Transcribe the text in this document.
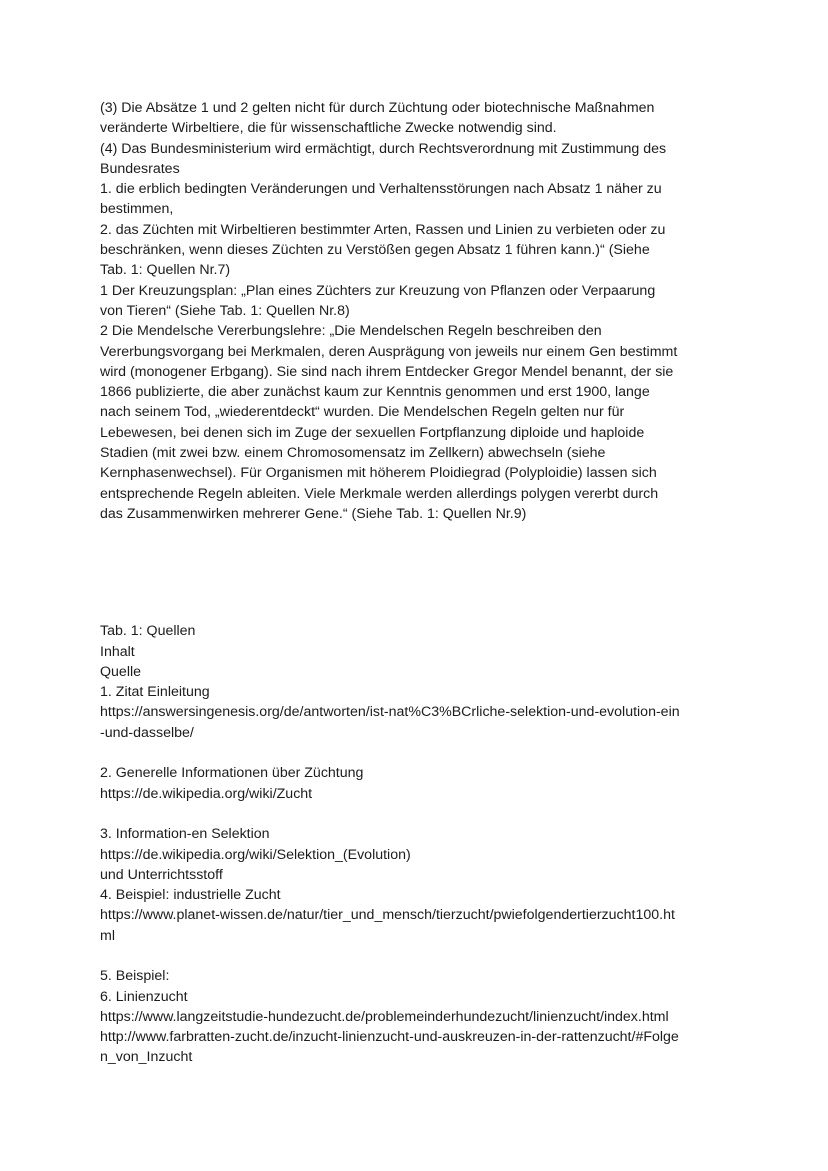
(3) Die Absätze 1 und 2 gelten nicht für durch Züchtung oder biotechnische Maßnahmen
veränderte Wirbeltiere, die für wissenschaftliche Zwecke notwendig sind.
(4) Das Bundesministerium wird ermächtigt, durch Rechtsverordnung mit Zustimmung des
Bundesrates
1. die erblich bedingten Veränderungen und Verhaltensstörungen nach Absatz 1 näher zu
bestimmen,
2. das Züchten mit Wirbeltieren bestimmter Arten, Rassen und Linien zu verbieten oder zu
beschränken, wenn dieses Züchten zu Verstößen gegen Absatz 1 führen kann.)“ (Siehe
Tab. 1: Quellen Nr.7)
1 Der Kreuzungsplan: „Plan eines Züchters zur Kreuzung von Pflanzen oder Verpaarung
von Tieren“ (Siehe Tab. 1: Quellen Nr.8)
2 Die Mendelsche Vererbungslehre: „Die Mendelschen Regeln beschreiben den
Vererbungsvorgang bei Merkmalen, deren Ausprägung von jeweils nur einem Gen bestimmt
wird (monogener Erbgang). Sie sind nach ihrem Entdecker Gregor Mendel benannt, der sie
1866 publizierte, die aber zunächst kaum zur Kenntnis genommen und erst 1900, lange
nach seinem Tod, „wiederentdeckt“ wurden. Die Mendelschen Regeln gelten nur für
Lebewesen, bei denen sich im Zuge der sexuellen Fortpflanzung diploide und haploide
Stadien (mit zwei bzw. einem Chromosomensatz im Zellkern) abwechseln (siehe
Kernphasenwechsel). Für Organismen mit höherem Ploidiegrad (Polyploidie) lassen sich
entsprechende Regeln ableiten. Viele Merkmale werden allerdings polygen vererbt durch
das Zusammenwirken mehrerer Gene.“ (Siehe Tab. 1: Quellen Nr.9)
Tab. 1: Quellen
Inhalt
Quelle
1. Zitat Einleitung
https://answersingenesis.org/de/antworten/ist-nat%C3%BCrliche-selektion-und-evolution-ein
-und-dasselbe/
2. Generelle Informationen über Züchtung
https://de.wikipedia.org/wiki/Zucht
3. Information-en Selektion
https://de.wikipedia.org/wiki/Selektion_(Evolution)
und Unterrichtsstoff
4. Beispiel: industrielle Zucht
https://www.planet-wissen.de/natur/tier_und_mensch/tierzucht/pwiefolgendertierzucht100.ht
ml
5. Beispiel:
6. Linienzucht
https://www.langzeitstudie-hundezucht.de/problemeinderhundezucht/linienzucht/index.html
http://www.farbratten-zucht.de/inzucht-linienzucht-und-auskreuzen-in-der-rattenzucht/#Folge
n_von_Inzucht
